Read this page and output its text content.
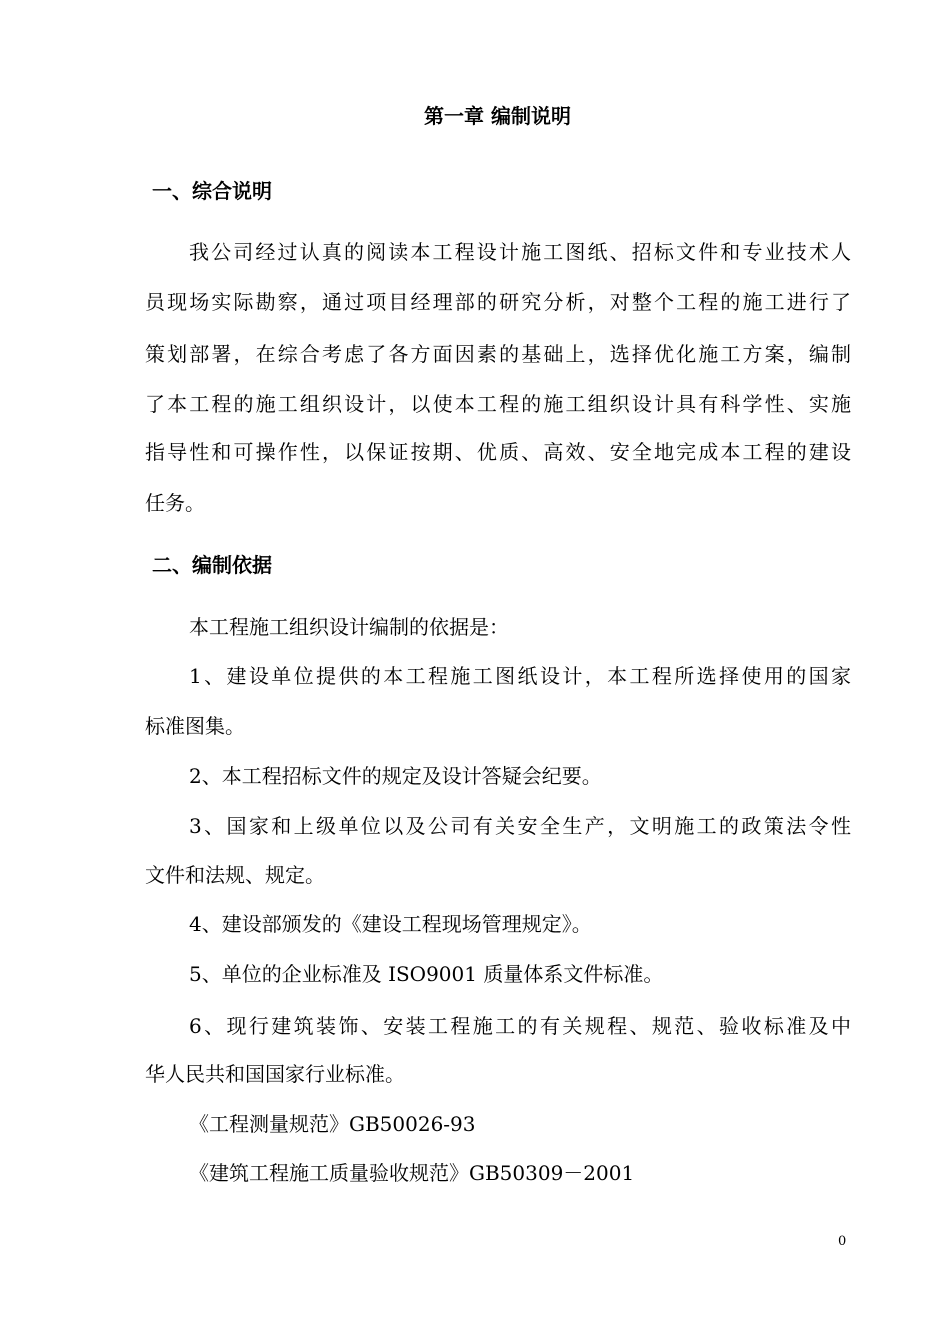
第一章 编制说明
一、综合说明
我公司经过认真的阅读本工程设计施工图纸、招标文件和专业技术人
员现场实际勘察，通过项目经理部的研究分析，对整个工程的施工进行了
策划部署，在综合考虑了各方面因素的基础上，选择优化施工方案，编制
了本工程的施工组织设计，以使本工程的施工组织设计具有科学性、实施
指导性和可操作性，以保证按期、优质、高效、安全地完成本工程的建设
任务。
二、编制依据
本工程施工组织设计编制的依据是：
1、建设单位提供的本工程施工图纸设计，本工程所选择使用的国家
标准图集。
2、本工程招标文件的规定及设计答疑会纪要。
3、国家和上级单位以及公司有关安全生产，文明施工的政策法令性
文件和法规、规定。
4、建设部颁发的《建设工程现场管理规定》。
5、单位的企业标准及 ISO9001 质量体系文件标准。
6、现行建筑装饰、安装工程施工的有关规程、规范、验收标准及中
华人民共和国国家行业标准。
《工程测量规范》GB50026-93
《建筑工程施工质量验收规范》GB50309－2001
0
